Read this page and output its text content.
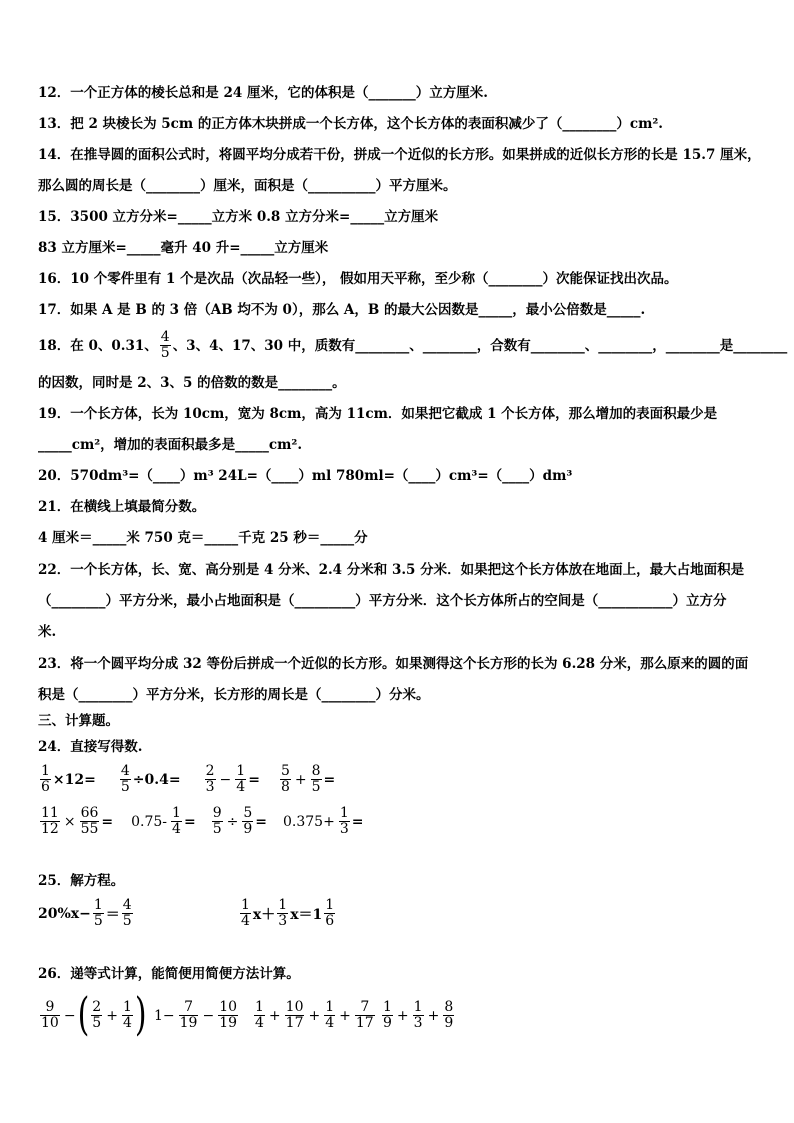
12．一个正方体的棱长总和是 24 厘米，它的体积是（_______）立方厘米.
13．把 2 块棱长为 5cm 的正方体木块拼成一个长方体，这个长方体的表面积减少了（________）cm².
14．在推导圆的面积公式时，将圆平均分成若干份，拼成一个近似的长方形。如果拼成的近似长方形的长是 15.7 厘米，
那么圆的周长是（________）厘米，面积是（__________）平方厘米。
15．3500 立方分米=_____立方米 0.8 立方分米=_____立方厘米
83 立方厘米=_____毫升 40 升=_____立方厘米
16．10 个零件里有 1 个是次品（次品轻一些）， 假如用天平称，至少称（________）次能保证找出次品。
17．如果 A 是 B 的 3 倍（AB 均不为 0），那么 A，B 的最大公因数是_____，最小公倍数是_____.
18．在 0、0.31、 $\frac{4}{5}$ 、3、4、17、30 中，质数有________、________，合数有________、________，________是________
的因数，同时是 2、3、5 的倍数的数是________。
19．一个长方体，长为 10cm，宽为 8cm，高为 11cm．如果把它截成 1 个长方体，那么增加的表面积最少是
_____cm²，增加的表面积最多是_____cm².
20．570dm³=（____）m³ 24L=（____）ml 780ml=（____）cm³=（____）dm³
21．在横线上填最简分数。
4 厘米＝_____米 750 克＝_____千克 25 秒＝_____分
22．一个长方体，长、宽、高分别是 4 分米、2.4 分米和 3.5 分米．如果把这个长方体放在地面上，最大占地面积是
（________）平方分米，最小占地面积是（_________）平方分米．这个长方体所占的空间是（___________）立方分
米.
23．将一个圆平均分成 32 等份后拼成一个近似的长方形。如果测得这个长方形的长为 6.28 分米，那么原来的圆的面
积是（________）平方分米，长方形的周长是（________）分米。
三、计算题。
24．直接写得数.
$\frac{1}{6} \times 12= \frac{4}{5} \div 0.4= \frac{2}{3} - \frac{1}{4} = \frac{5}{8} + \frac{8}{5}$ =
$\frac{11}{12} \times \frac{66}{55} = 0.75- \frac{1}{4} = \frac{9}{5} \div \frac{5}{9} = 0.375+ \frac{1}{3}$ =
25．解方程。
$20\%x- \frac{1}{5} = \frac{4}{5}$	$\frac{1}{4} x+ \frac{1}{3} x=1 \frac{1}{6}$
26．递等式计算，能简便用简便方法计算。
$\frac{9}{10}$ − ( $\frac{2}{5} + \frac{1}{4}$ ) $1- \frac{7}{19} - \frac{10}{19} \frac{1}{4} + \frac{10}{17} + \frac{1}{4} + \frac{7}{17} \frac{1}{9} + \frac{1}{3} + \frac{8}{9}$
